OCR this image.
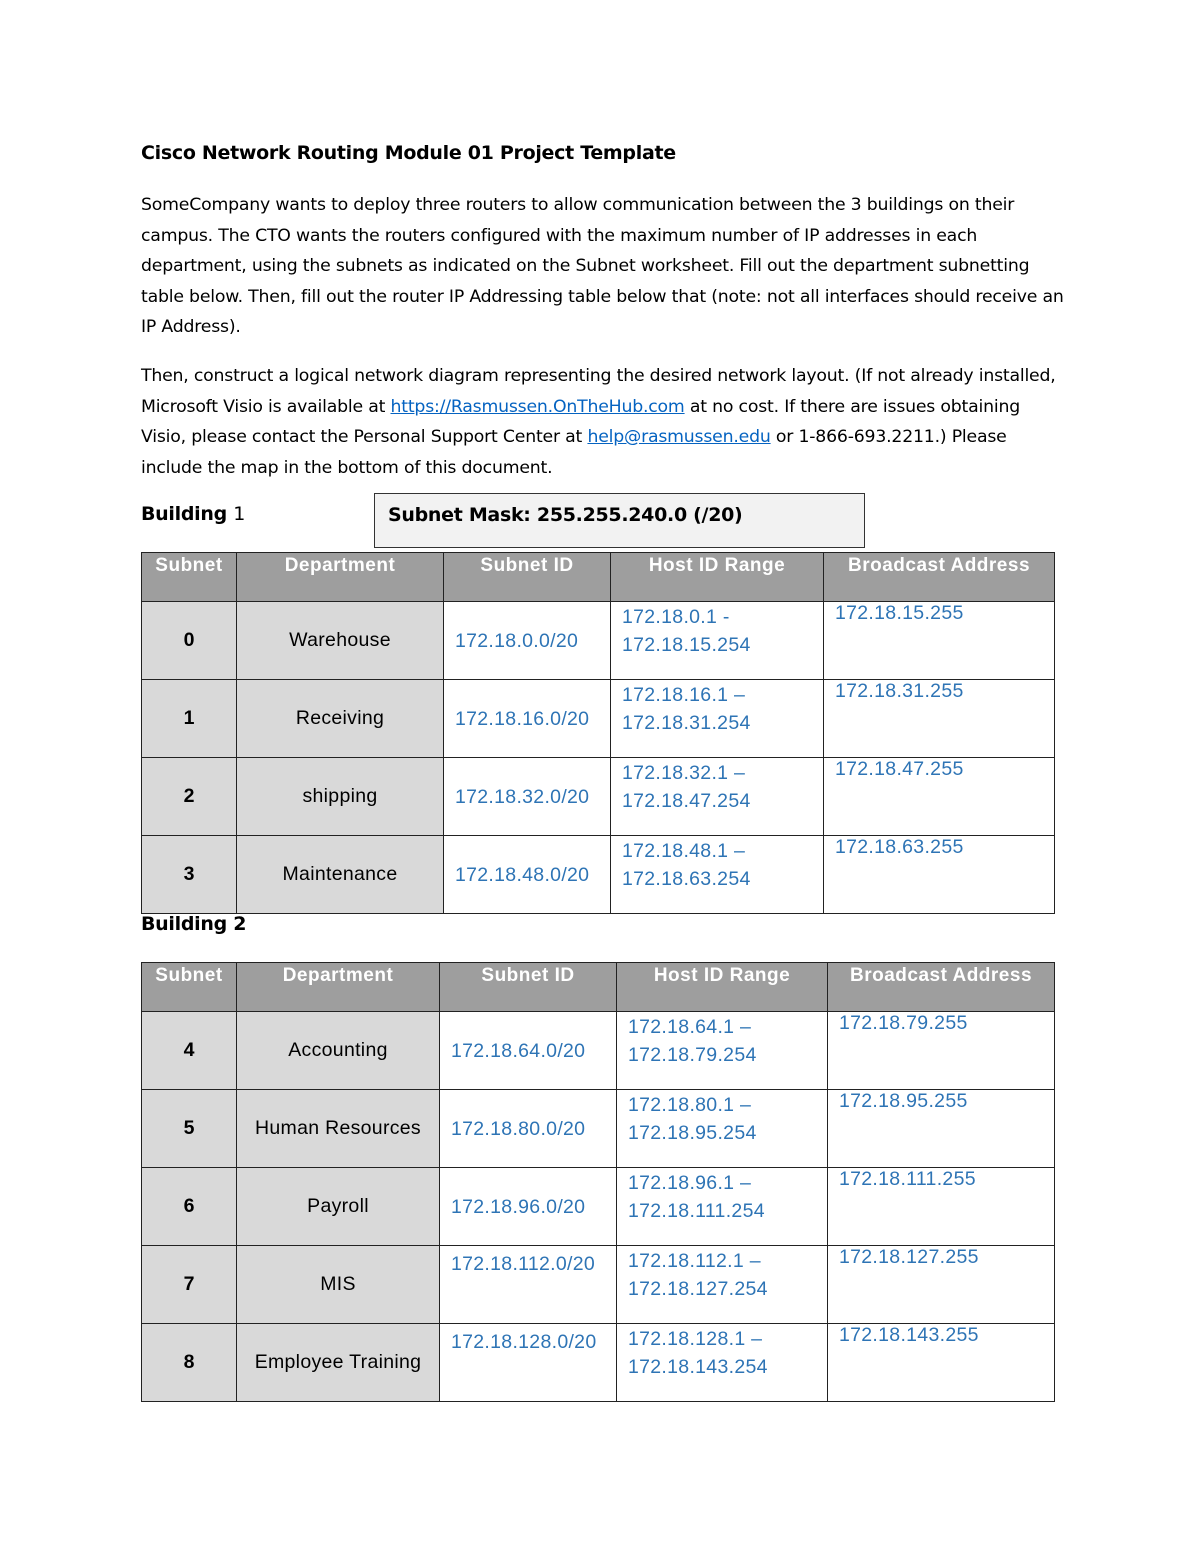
Cisco Network Routing Module 01 Project Template

SomeCompany wants to deploy three routers to allow communication between the 3 buildings on their campus. The CTO wants the routers configured with the maximum number of IP addresses in each department, using the subnets as indicated on the Subnet worksheet. Fill out the department subnetting table below. Then, fill out the router IP Addressing table below that (note: not all interfaces should receive an IP Address).

Then, construct a logical network diagram representing the desired network layout. (If not already installed, Microsoft Visio is available at https://Rasmussen.OnTheHub.com at no cost. If there are issues obtaining Visio, please contact the Personal Support Center at help@rasmussen.edu or 1-866-693.2211.) Please include the map in the bottom of this document.

Building 1	Subnet Mask: 255.255.240.0 (/20)
Subnet	Department	Subnet ID	Host ID Range	Broadcast Address
0	Warehouse	172.18.0.0/20	172.18.0.1 - 172.18.15.254	172.18.15.255
1	Receiving	172.18.16.0/20	172.18.16.1 – 172.18.31.254	172.18.31.255
2	shipping	172.18.32.0/20	172.18.32.1 – 172.18.47.254	172.18.47.255
3	Maintenance	172.18.48.0/20	172.18.48.1 – 172.18.63.254	172.18.63.255
Building 2
Subnet	Department	Subnet ID	Host ID Range	Broadcast Address
4	Accounting	172.18.64.0/20	172.18.64.1 – 172.18.79.254	172.18.79.255
5	Human Resources	172.18.80.0/20	172.18.80.1 – 172.18.95.254	172.18.95.255
6	Payroll	172.18.96.0/20	172.18.96.1 – 172.18.111.254	172.18.111.255
7	MIS	172.18.112.0/20	172.18.112.1 – 172.18.127.254	172.18.127.255
8	Employee Training	172.18.128.0/20	172.18.128.1 – 172.18.143.254	172.18.143.255
